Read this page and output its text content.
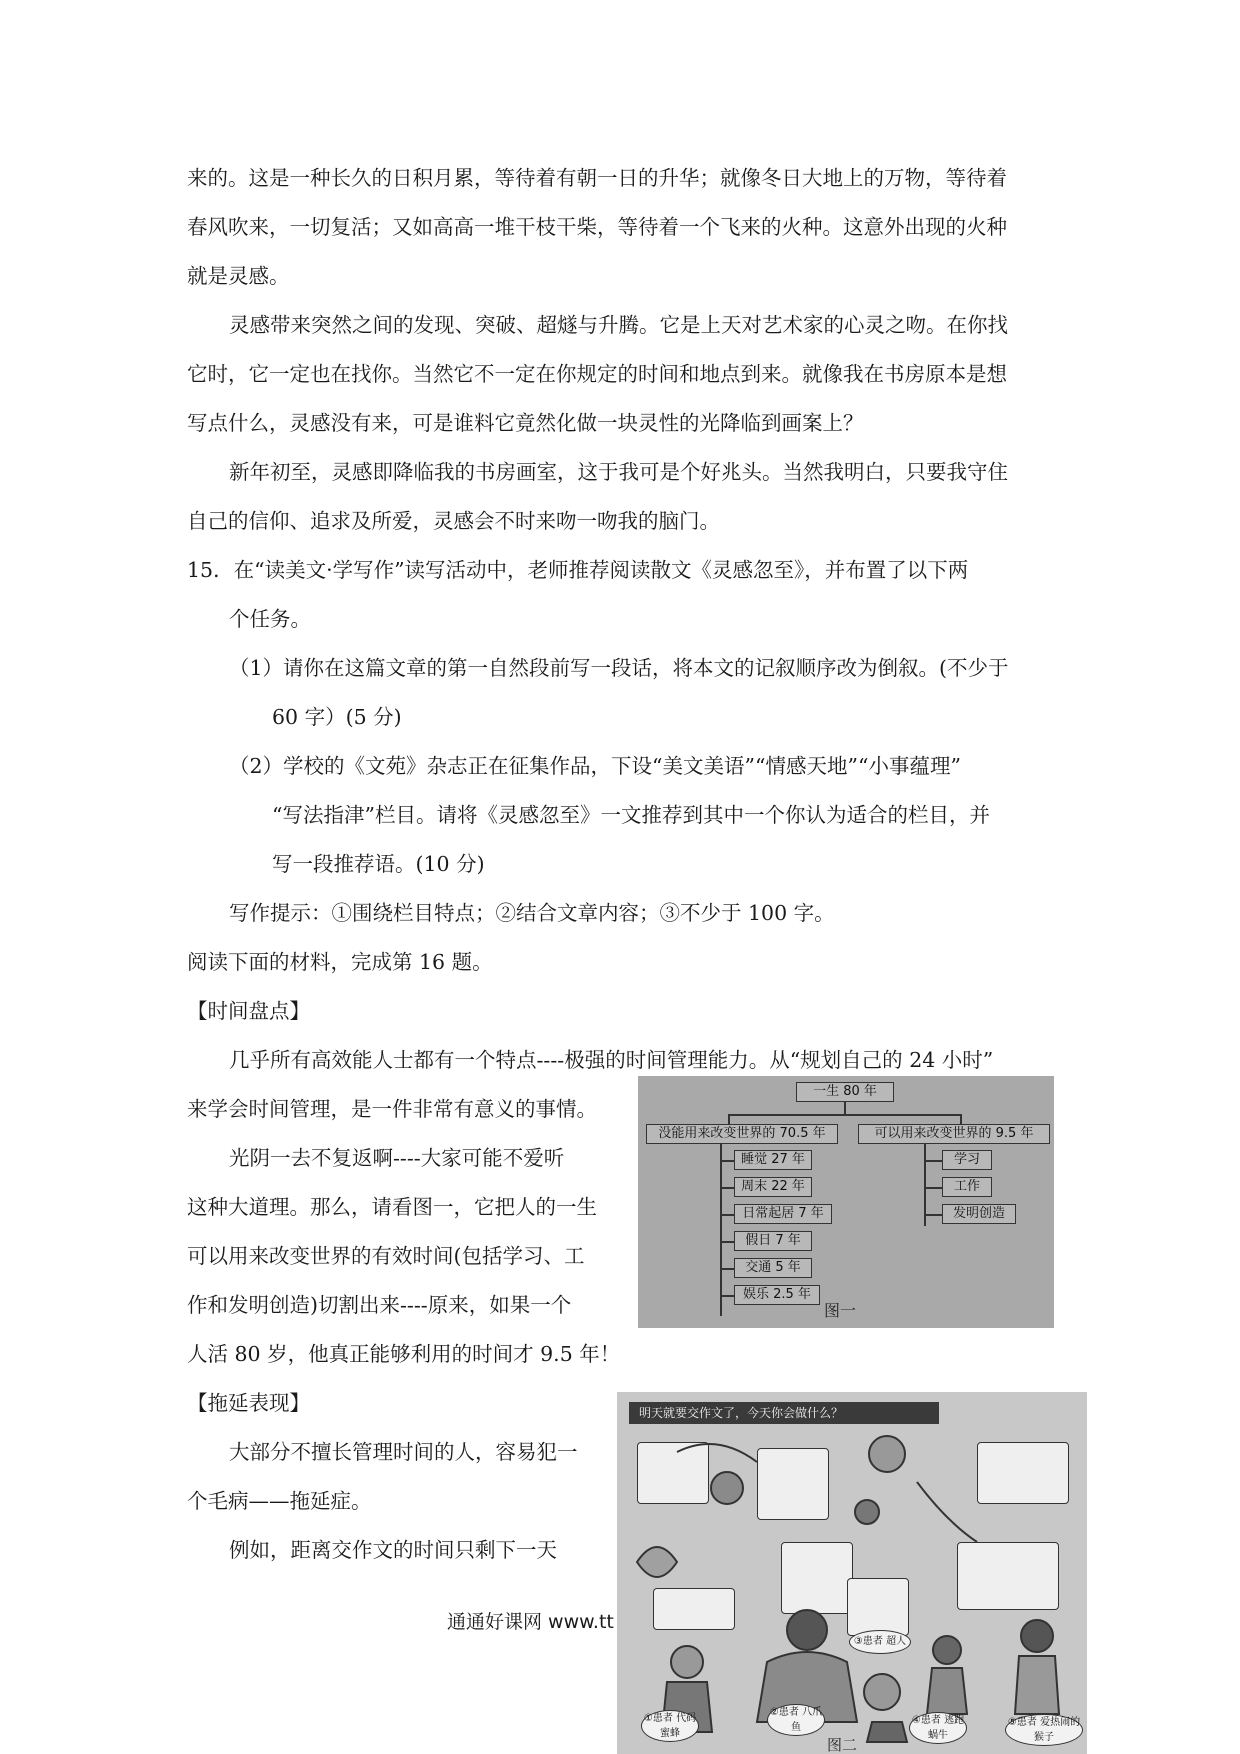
来的。这是一种长久的日积月累，等待着有朝一日的升华；就像冬日大地上的万物，等待着
春风吹来，一切复活；又如高高一堆干枝干柴，等待着一个飞来的火种。这意外出现的火种
就是灵感。
灵感带来突然之间的发现、突破、超燧与升腾。它是上天对艺术家的心灵之吻。在你找
它时，它一定也在找你。当然它不一定在你规定的时间和地点到来。就像我在书房原本是想
写点什么，灵感没有来，可是谁料它竟然化做一块灵性的光降临到画案上？
新年初至，灵感即降临我的书房画室，这于我可是个好兆头。当然我明白，只要我守住
自己的信仰、追求及所爱，灵感会不时来吻一吻我的脑门。
15．在“读美文·学写作”读写活动中，老师推荐阅读散文《灵感忽至》，并布置了以下两
个任务。
（1）请你在这篇文章的第一自然段前写一段话，将本文的记叙顺序改为倒叙。(不少于
60 字）(5 分)
（2）学校的《文苑》杂志正在征集作品，下设“美文美语”“情感天地”“小事蕴理”
“写法指津”栏目。请将《灵感忽至》一文推荐到其中一个你认为适合的栏目，并
写一段推荐语。(10 分)
写作提示：①围绕栏目特点；②结合文章内容；③不少于 100 字。
阅读下面的材料，完成第 16 题。
【时间盘点】
几乎所有高效能人士都有一个特点----极强的时间管理能力。从“规划自己的 24 小时”
来学会时间管理，是一件非常有意义的事情。
光阴一去不复返啊----大家可能不爱听
这种大道理。那么，请看图一，它把人的一生
可以用来改变世界的有效时间(包括学习、工
作和发明创造)切割出来----原来，如果一个
人活 80 岁，他真正能够利用的时间才 9.5 年！
【拖延表现】
大部分不擅长管理时间的人，容易犯一
个毛病——拖延症。
例如，距离交作文的时间只剩下一天
通通好课网 www.tt
一生 80 年
没能用来改变世界的 70.5 年	可以用来改变世界的 9.5 年
睡觉 27 年
周末 22 年
日常起居 7 年
假日 7 年
交通 5 年
娱乐 2.5 年
学习
工作
发明创造
图一
明天就要交作文了，今天你会做什么？
①患者 代码蜜蜂
②患者 八爪鱼
③患者 超人
④患者 逃跑蜗牛
⑤患者 爱热闹的猴子
图二
